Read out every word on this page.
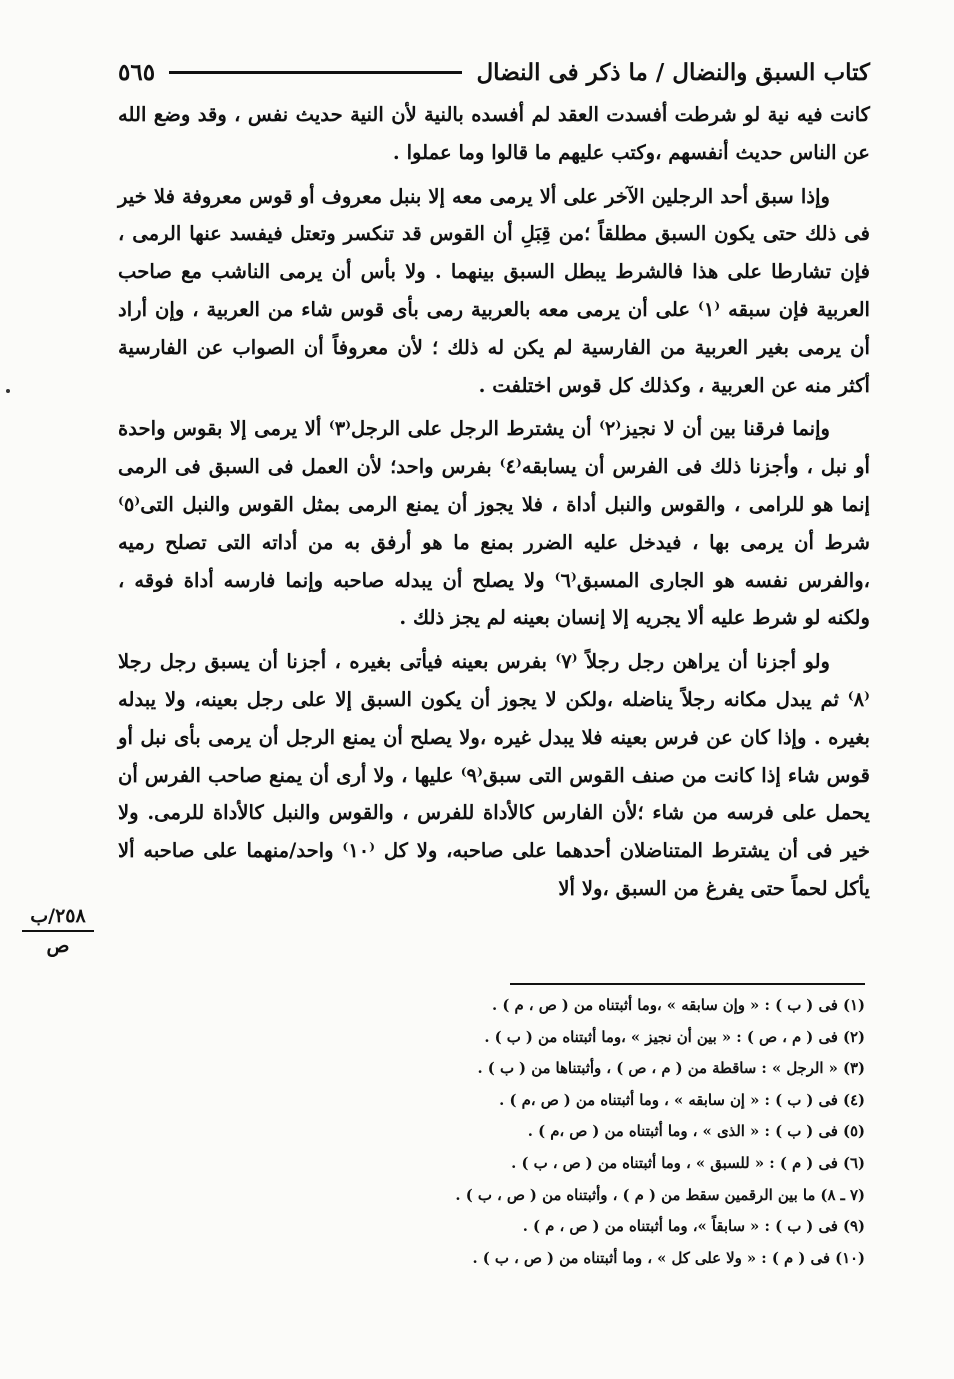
كتاب السبق والنضال / ما ذكر فى النضال
٥٦٥

كانت فيه نية لو شرطت أفسدت العقد لم أفسده بالنية لأن النية حديث نفس ، وقد وضع الله عن الناس حديث أنفسهم ،وكتب عليهم ما قالوا وما عملوا .

وإذا سبق أحد الرجلين الآخر على ألا يرمى معه إلا بنبل معروف أو قوس معروفة فلا خير فى ذلك حتى يكون السبق مطلقاً ؛من قِبَلِ أن القوس قد تنكسر وتعتل فيفسد عنها الرمى ، فإن تشارطا على هذا فالشرط يبطل السبق بينهما . ولا بأس أن يرمى الناشب مع صاحب العربية فإن سبقه ⁽١⁾ على أن يرمى معه بالعربية رمى بأى قوس شاء من العربية ، وإن أراد أن يرمى بغير العربية من الفارسية لم يكن له ذلك ؛ لأن معروفاً أن الصواب عن الفارسية أكثر منه عن العربية ، وكذلك كل قوس اختلفت .

وإنما فرقنا بين أن لا نجيز⁽٢⁾ أن يشترط الرجل على الرجل⁽٣⁾ ألا يرمى إلا بقوس واحدة أو نبل ، وأجزنا ذلك فى الفرس أن يسابقه⁽٤⁾ بفرس واحد؛ لأن العمل فى السبق فى الرمى إنما هو للرامى ، والقوس والنبل أداة ، فلا يجوز أن يمنع الرمى بمثل القوس والنبل التى⁽٥⁾ شرط أن يرمى بها ، فيدخل عليه الضرر بمنع ما هو أرفق به من أداته التى تصلح رميه ،والفرس نفسه هو الجارى المسبق⁽٦⁾ ولا يصلح أن يبدله صاحبه وإنما فارسه أداة فوقه ، ولكنه لو شرط عليه ألا يجريه إلا إنسان بعينه لم يجز ذلك .

ولو أجزنا أن يراهن رجل رجلاً ⁽٧⁾ بفرس بعينه فيأتى بغيره ، أجزنا أن يسبق رجل رجلا ⁽٨⁾ ثم يبدل مكانه رجلاً يناضله ،ولكن لا يجوز أن يكون السبق إلا على رجل بعينه، ولا يبدله بغيره . وإذا كان عن فرس بعينه فلا يبدل غيره ،ولا يصلح أن يمنع الرجل أن يرمى بأى نبل أو قوس شاء إذا كانت من صنف القوس التى سبق⁽٩⁾ عليها ، ولا أرى أن يمنع صاحب الفرس أن يحمل على فرسه من شاء ؛لأن الفارس كالأداة للفرس ، والقوس والنبل كالأداة للرمى. ولا خير فى أن يشترط المتناضلان أحدهما على صاحبه، ولا كل ⁽١٠⁾ واحد/منهما على صاحبه ألا يأكل لحماً حتى يفرغ من السبق ،ولا ألا

٢٥٨/ب
ص
(١) فى ( ب ) : « وإن سابقه » ،وما أثبتناه من ( ص ، م ) .
(٢) فى ( م ، ص ) : « بين أن نجيز » ،وما أثبتناه من ( ب ) .
(٣) « الرجل » : ساقطة من ( م ، ص ) ، وأثبتناها من ( ب ) .
(٤) فى ( ب ) : « إن سابقه » ، وما أثبتناه من ( ص ،م ) .
(٥) فى ( ب ) : « الذى » ، وما أثبتناه من ( ص ،م ) .
(٦) فى ( م ) : « للسبق » ، وما أثبتناه من ( ص ، ب ) .
(٧ ـ ٨) ما بين الرقمين سقط من ( م ) ، وأثبتناه من ( ص ، ب ) .
(٩) فى ( ب ) : « سابقاً »، وما أثبتناه من ( ص ، م ) .
(١٠) فى ( م ) : « ولا على كل » ، وما أثبتناه من ( ص ، ب ) .
